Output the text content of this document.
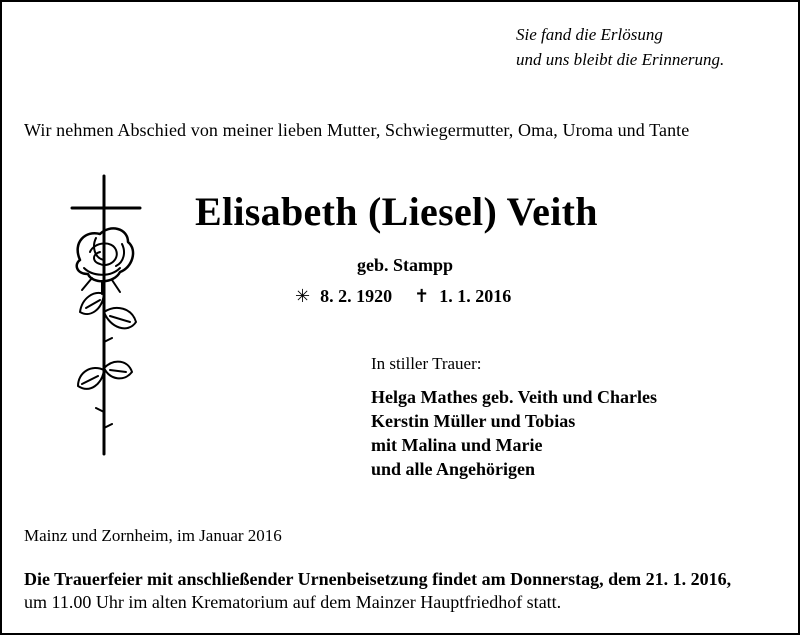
Sie fand die Erlösung
und uns bleibt die Erinnerung.
Wir nehmen Abschied von meiner lieben Mutter, Schwiegermutter, Oma, Uroma und Tante
Elisabeth (Liesel) Veith
geb. Stampp
✳ 8. 2. 1920 ✝ 1. 1. 2016
In stiller Trauer:
Helga Mathes geb. Veith und Charles
Kerstin Müller und Tobias
mit Malina und Marie
und alle Angehörigen
Mainz und Zornheim, im Januar 2016
Die Trauerfeier mit anschließender Urnenbeisetzung findet am Donnerstag, dem 21. 1. 2016,
um 11.00 Uhr im alten Krematorium auf dem Mainzer Hauptfriedhof statt.
